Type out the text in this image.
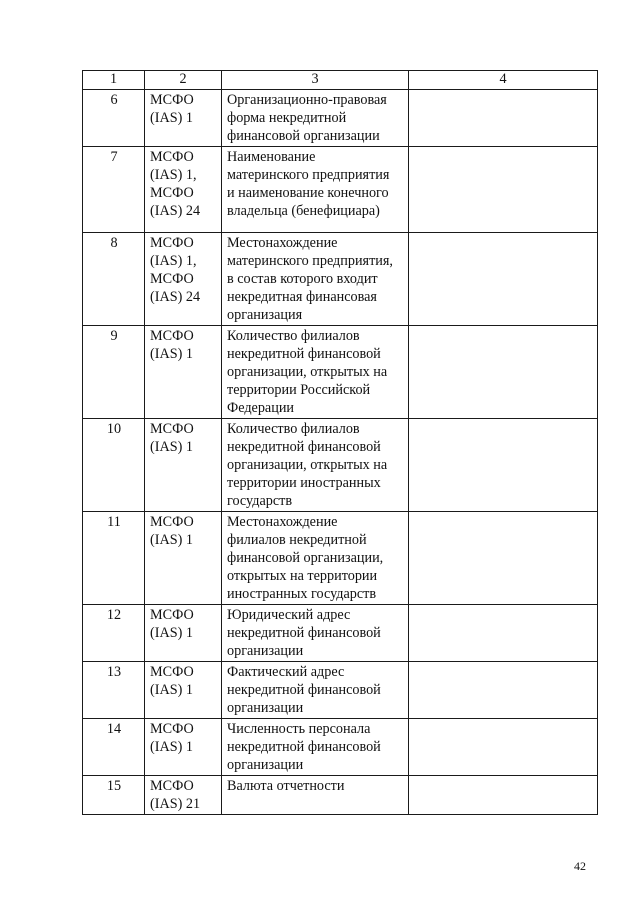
1	2	3	4
6	МСФО
(IAS) 1	Организационно-правовая
форма некредитной
финансовой организации	

7	МСФО
(IAS) 1,
МСФО
(IAS) 24	Наименование
материнского предприятия
и наименование конечного
владельца (бенефициара)	

8	МСФО
(IAS) 1,
МСФО
(IAS) 24	Местонахождение
материнского предприятия,
в состав которого входит
некредитная финансовая
организация	

9	МСФО
(IAS) 1	Количество филиалов
некредитной финансовой
организации, открытых на
территории Российской
Федерации	

10	МСФО
(IAS) 1	Количество филиалов
некредитной финансовой
организации, открытых на
территории иностранных
государств	

11	МСФО
(IAS) 1	Местонахождение
филиалов некредитной
финансовой организации,
открытых на территории
иностранных государств	

12	МСФО
(IAS) 1	Юридический адрес
некредитной финансовой
организации	

13	МСФО
(IAS) 1	Фактический адрес
некредитной финансовой
организации	

14	МСФО
(IAS) 1	Численность персонала
некредитной финансовой
организации	

15	МСФО
(IAS) 21	Валюта отчетности	

42
